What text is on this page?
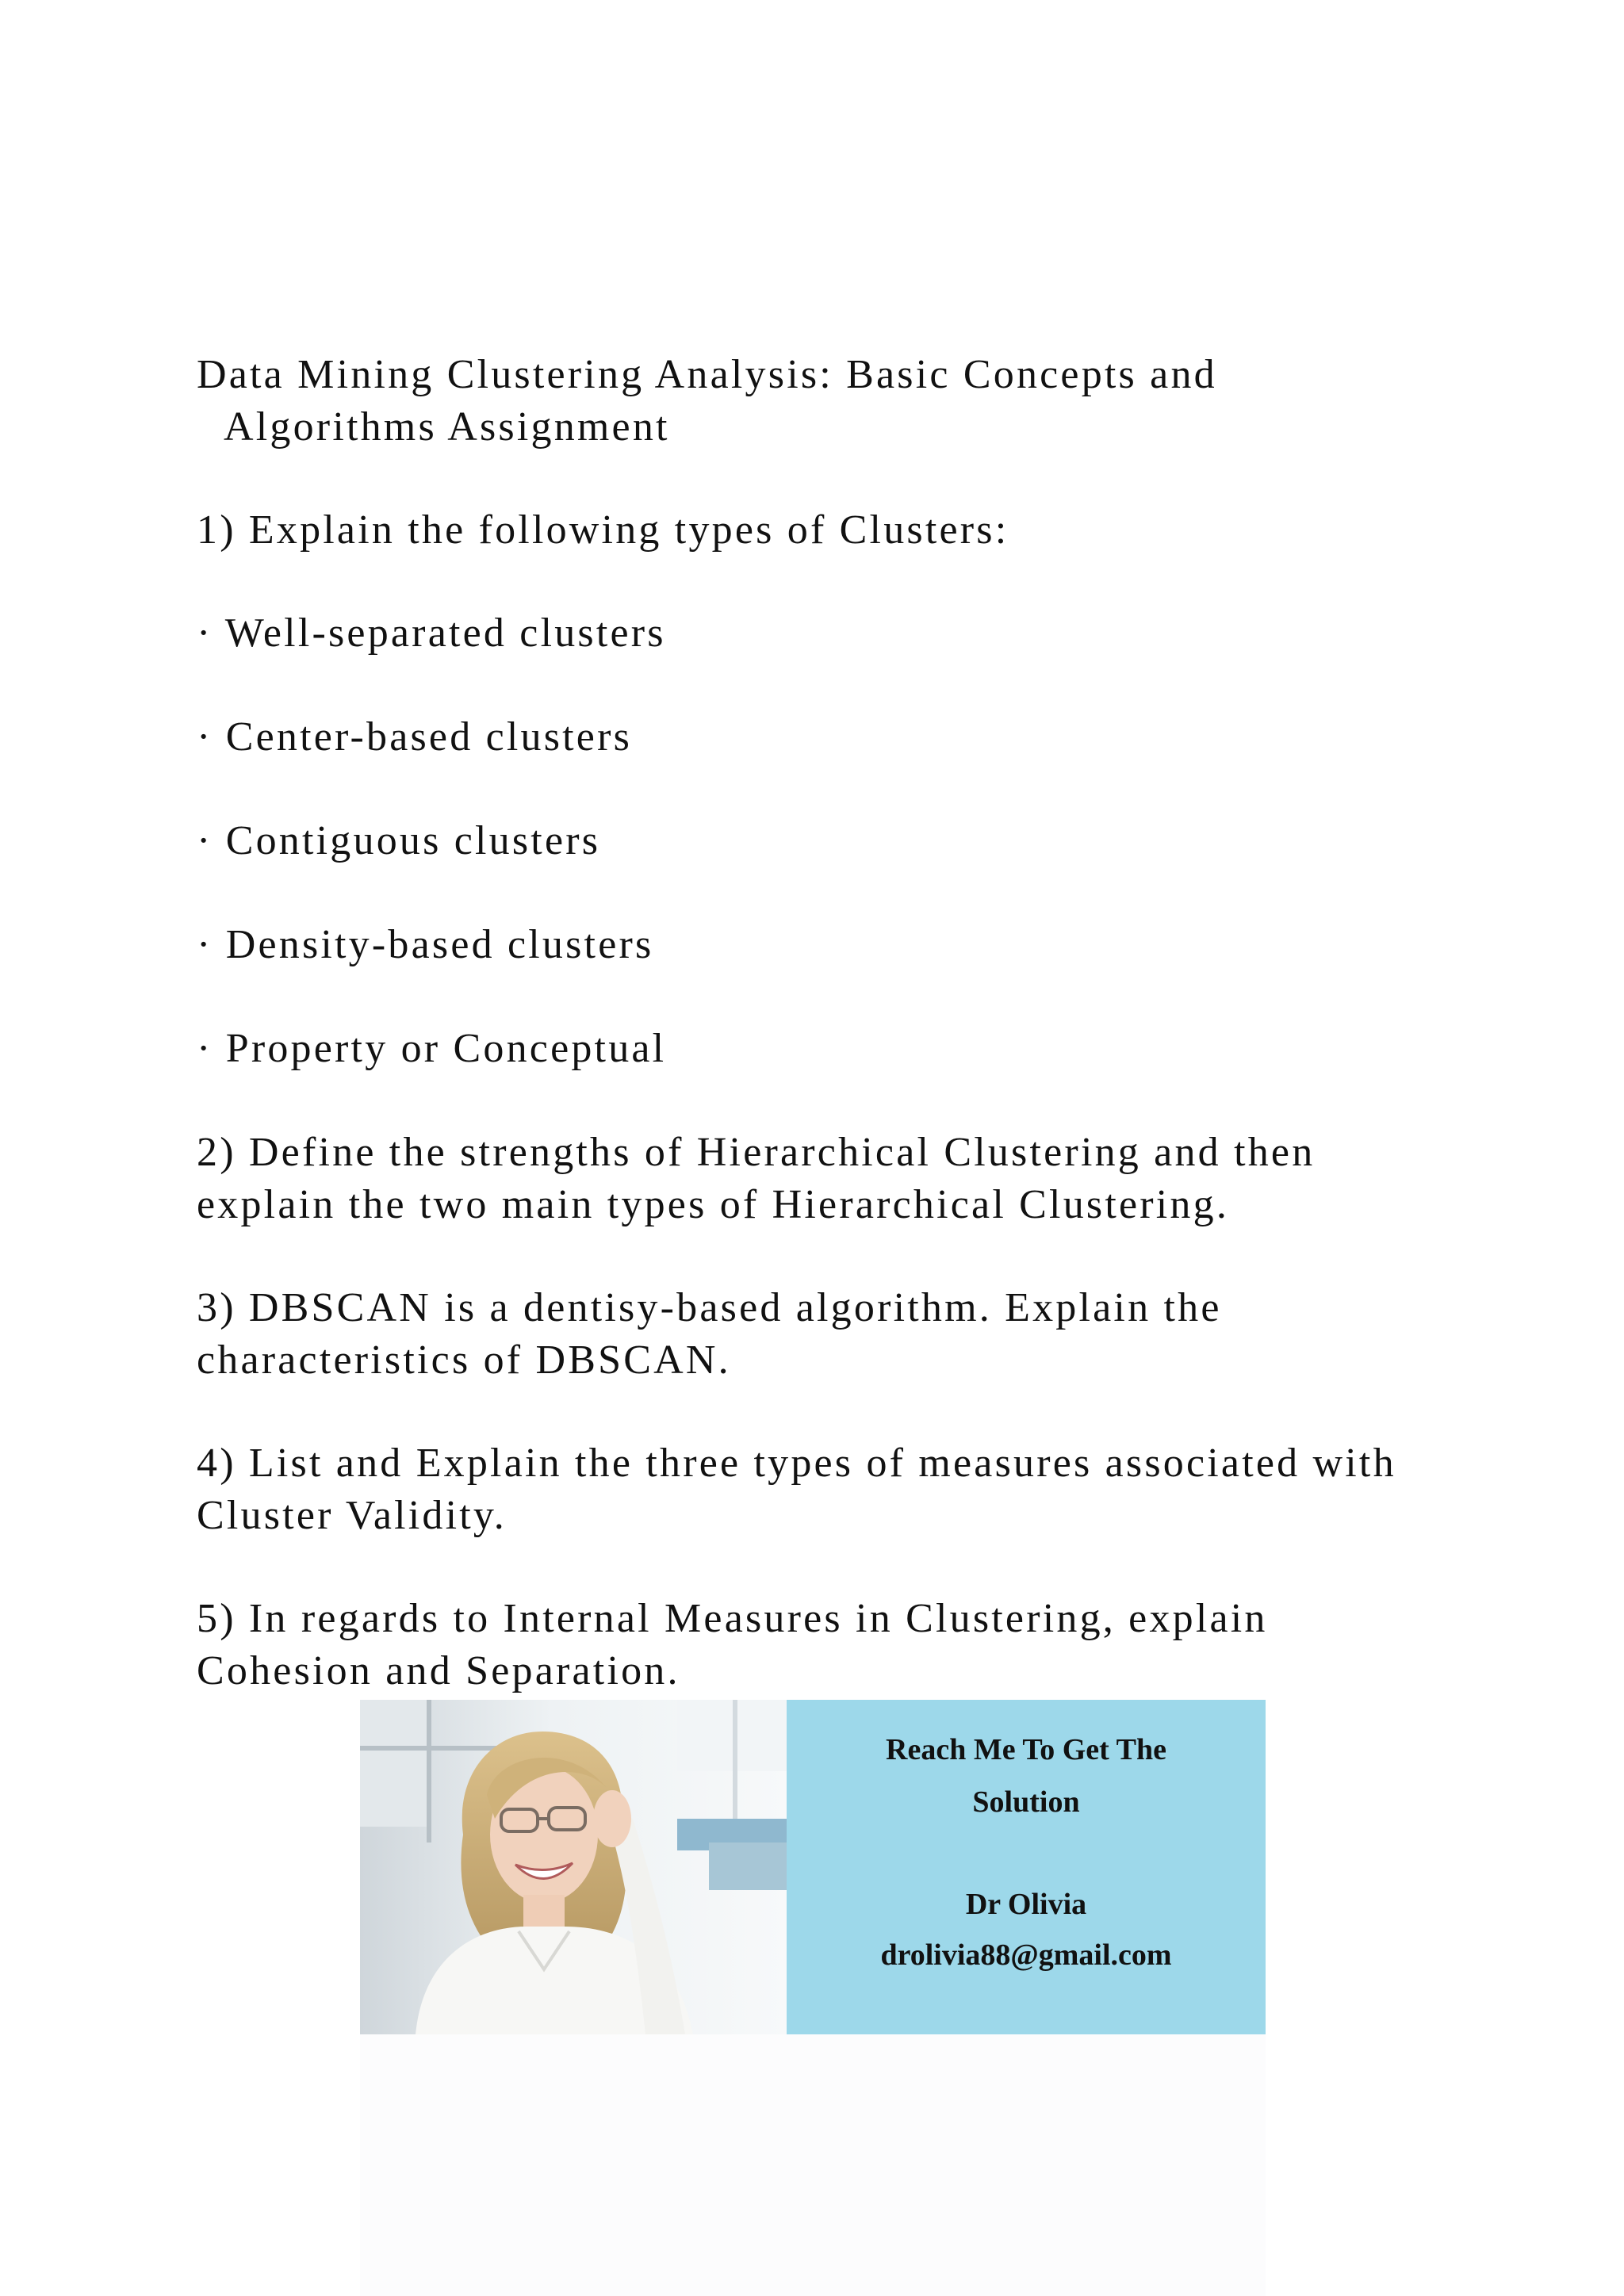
Data Mining Clustering Analysis: Basic Concepts and
Algorithms Assignment
1) Explain the following types of Clusters:
· Well-separated clusters
· Center-based clusters
· Contiguous clusters
· Density-based clusters
· Property or Conceptual
2) Define the strengths of Hierarchical Clustering and then
explain the two main types of Hierarchical Clustering.
3) DBSCAN is a dentisy-based algorithm. Explain the
characteristics of DBSCAN.
4) List and Explain the three types of measures associated with
Cluster Validity.
5) In regards to Internal Measures in Clustering, explain
Cohesion and Separation.
Reach Me To Get The
Solution
Dr Olivia
drolivia88@gmail.com
